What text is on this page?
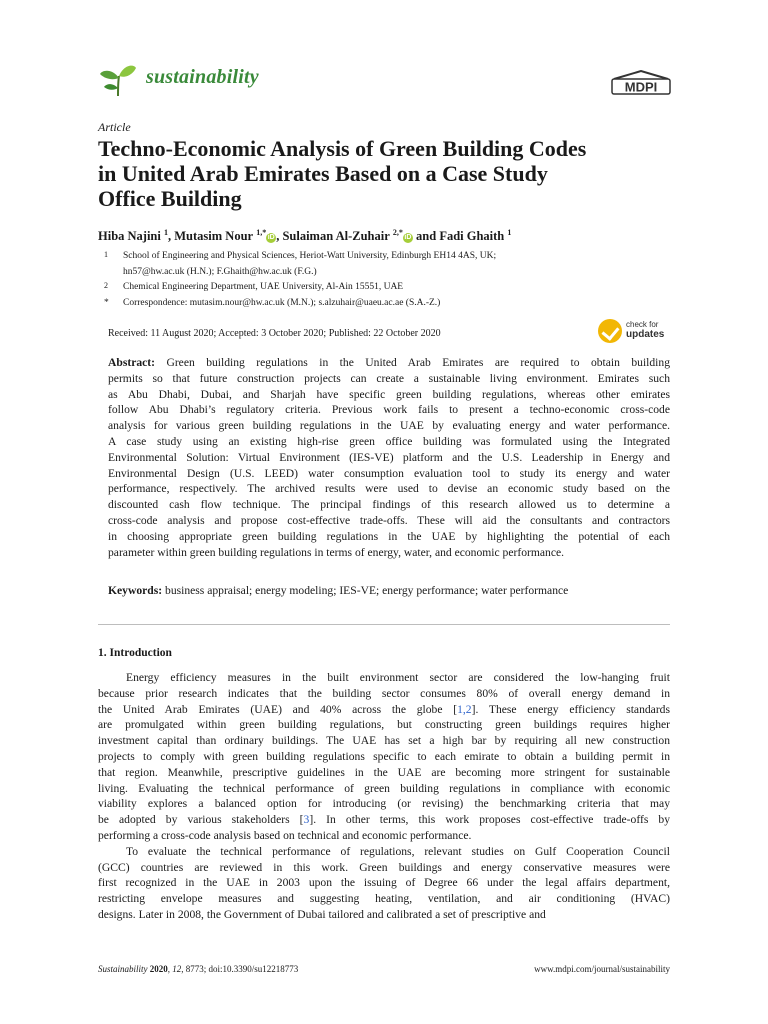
sustainability	MDPI
Article
Techno-Economic Analysis of Green Building Codes
in United Arab Emirates Based on a Case Study
Office Building
Hiba Najini $^1$, Mutasim Nour $^{1,*}$iD , Sulaiman Al-Zuhair $^{2,*}$iD and Fadi Ghaith $^1$
1	School of Engineering and Physical Sciences, Heriot-Watt University, Edinburgh EH14 4AS, UK;
hn57@hw.ac.uk (H.N.); F.Ghaith@hw.ac.uk (F.G.)
2	Chemical Engineering Department, UAE University, Al-Ain 15551, UAE
*	Correspondence: mutasim.nour@hw.ac.uk (M.N.); s.alzuhair@uaeu.ac.ae (S.A.-Z.)
Received: 11 August 2020; Accepted: 3 October 2020; Published: 22 October 2020
check for
updates

Abstract: Green building regulations in the United Arab Emirates are required to obtain building
permits so that future construction projects can create a sustainable living environment. Emirates such
as Abu Dhabi, Dubai, and Sharjah have specific green building regulations, whereas other emirates
follow Abu Dhabi’s regulatory criteria. Previous work fails to present a techno-economic cross-code
analysis for various green building regulations in the UAE by evaluating energy and water performance.
A case study using an existing high-rise green office building was formulated using the Integrated
Environmental Solution: Virtual Environment (IES-VE) platform and the U.S. Leadership in Energy and
Environmental Design (U.S. LEED) water consumption evaluation tool to study its energy and water
performance, respectively. The archived results were used to devise an economic study based on the
discounted cash flow technique. The principal findings of this research allowed us to determine a
cross-code analysis and propose cost-effective trade-offs. These will aid the consultants and contractors
in choosing appropriate green building regulations in the UAE by highlighting the potential of each
parameter within green building regulations in terms of energy, water, and economic performance.

Keywords: business appraisal; energy modeling; IES-VE; energy performance; water performance
1. Introduction

Energy efficiency measures in the built environment sector are considered the low-hanging fruit
because prior research indicates that the building sector consumes 80% of overall energy demand in
the United Arab Emirates (UAE) and 40% across the globe [1,2]. These energy efficiency standards
are promulgated within green building regulations, but constructing green buildings requires higher
investment capital than ordinary buildings. The UAE has set a high bar by requiring all new construction
projects to comply with green building regulations specific to each emirate to obtain a building permit in
that region. Meanwhile, prescriptive guidelines in the UAE are becoming more stringent for sustainable
living. Evaluating the technical performance of green building regulations in compliance with economic
viability explores a balanced option for introducing (or revising) the benchmarking criteria that may
be adopted by various stakeholders [3]. In other terms, this work proposes cost-effective trade-offs by
performing a cross-code analysis based on technical and economic performance.
To evaluate the technical performance of regulations, relevant studies on Gulf Cooperation Council
(GCC) countries are reviewed in this work. Green buildings and energy conservative measures were
first recognized in the UAE in 2003 upon the issuing of Degree 66 under the legal affairs department,
restricting envelope measures and suggesting heating, ventilation, and air conditioning (HVAC)
designs. Later in 2008, the Government of Dubai tailored and calibrated a set of prescriptive and

Sustainability 2020, 12, 8773; doi:10.3390/su12218773	www.mdpi.com/journal/sustainability
